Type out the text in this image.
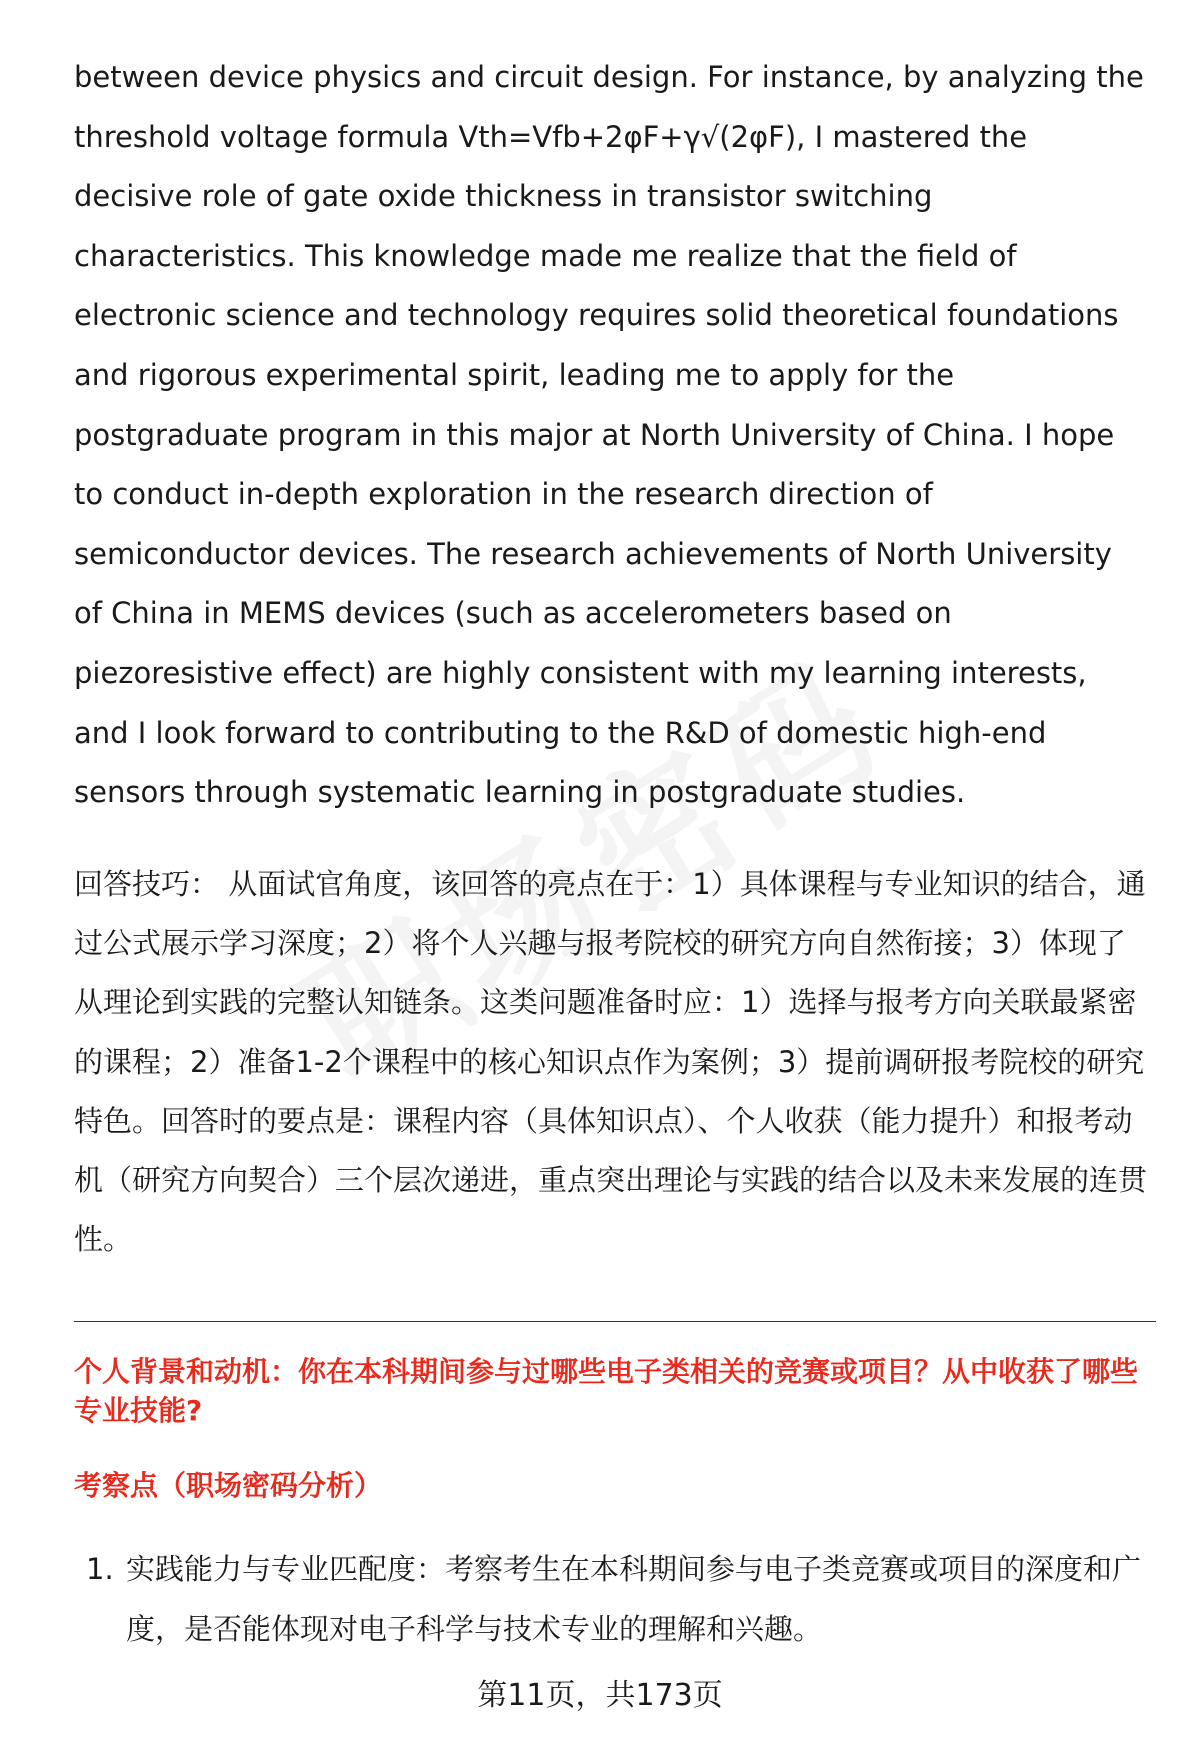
between device physics and circuit design. For instance, by analyzing the threshold voltage formula Vth=Vfb+2φF+γ√(2φF), I mastered the decisive role of gate oxide thickness in transistor switching characteristics. This knowledge made me realize that the field of electronic science and technology requires solid theoretical foundations and rigorous experimental spirit, leading me to apply for the postgraduate program in this major at North University of China. I hope to conduct in-depth exploration in the research direction of semiconductor devices. The research achievements of North University of China in MEMS devices (such as accelerometers based on piezoresistive effect) are highly consistent with my learning interests, and I look forward to contributing to the R&D of domestic high-end sensors through systematic learning in postgraduate studies.

回答技巧： 从面试官角度，该回答的亮点在于：1）具体课程与专业知识的结合，通过公式展示学习深度；2）将个人兴趣与报考院校的研究方向自然衔接；3）体现了从理论到实践的完整认知链条。这类问题准备时应：1）选择与报考方向关联最紧密的课程；2）准备1-2个课程中的核心知识点作为案例；3）提前调研报考院校的研究特色。回答时的要点是：课程内容（具体知识点）、个人收获（能力提升）和报考动机（研究方向契合）三个层次递进，重点突出理论与实践的结合以及未来发展的连贯性。

个人背景和动机：你在本科期间参与过哪些电子类相关的竞赛或项目？从中收获了哪些专业技能?

考察点（职场密码分析）

1. 实践能力与专业匹配度：考察考生在本科期间参与电子类竞赛或项目的深度和广度，是否能体现对电子科学与技术专业的理解和兴趣。
第11页，共173页
